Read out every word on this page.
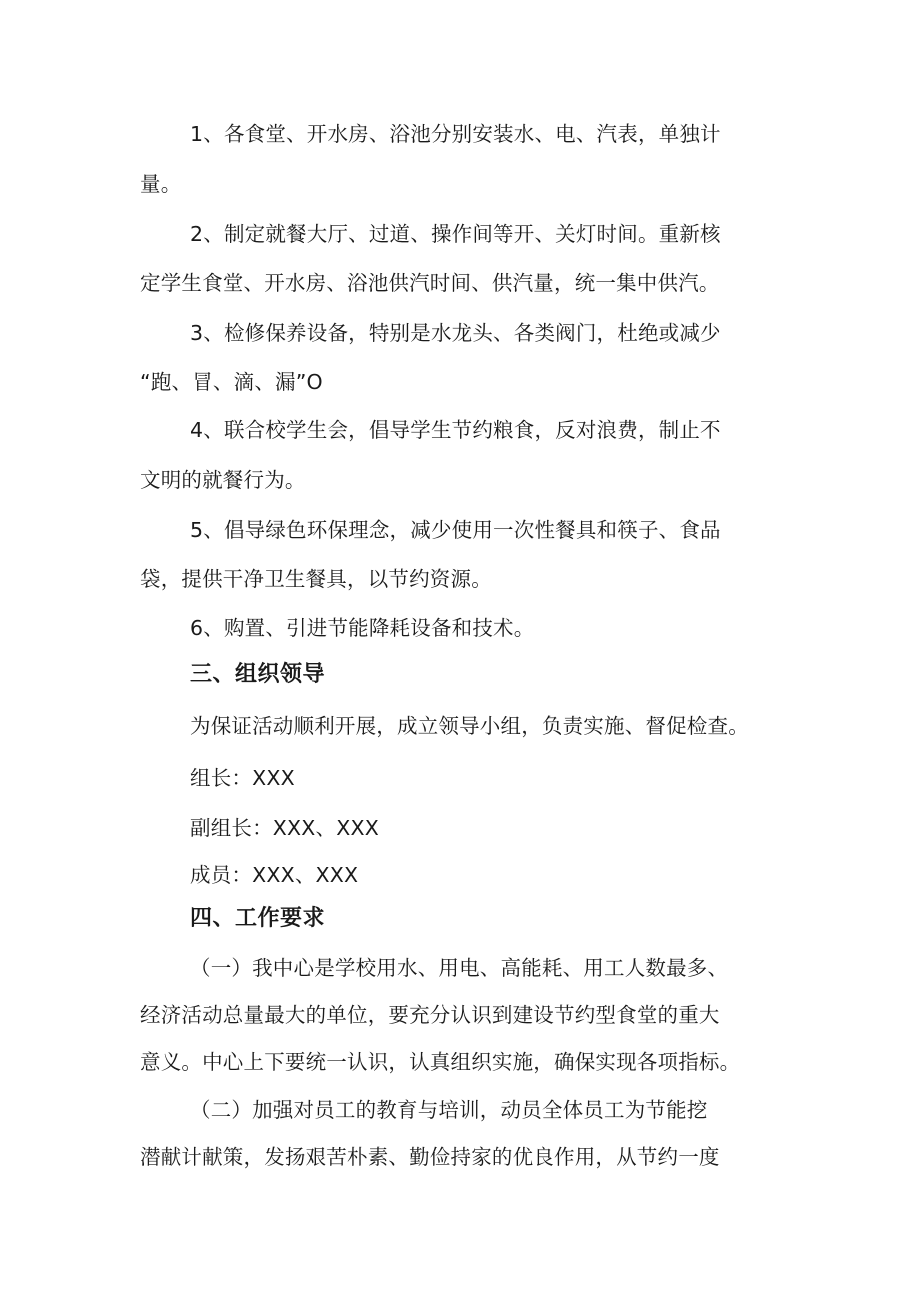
1、各食堂、开水房、浴池分别安装水、电、汽表，单独计
量。
2、制定就餐大厅、过道、操作间等开、关灯时间。重新核
定学生食堂、开水房、浴池供汽时间、供汽量，统一集中供汽。
3、检修保养设备，特别是水龙头、各类阀门，杜绝或减少
“跑、冒、滴、漏”O
4、联合校学生会，倡导学生节约粮食，反对浪费，制止不
文明的就餐行为。
5、倡导绿色环保理念，减少使用一次性餐具和筷子、食品
袋，提供干净卫生餐具，以节约资源。
6、购置、引进节能降耗设备和技术。
三、组织领导
为保证活动顺利开展，成立领导小组，负责实施、督促检查。
组长：XXX
副组长：XXX、XXX
成员：XXX、XXX
四、工作要求
（一）我中心是学校用水、用电、高能耗、用工人数最多、
经济活动总量最大的单位，要充分认识到建设节约型食堂的重大
意义。中心上下要统一认识，认真组织实施，确保实现各项指标。
（二）加强对员工的教育与培训，动员全体员工为节能挖
潜献计献策，发扬艰苦朴素、勤俭持家的优良作用，从节约一度
